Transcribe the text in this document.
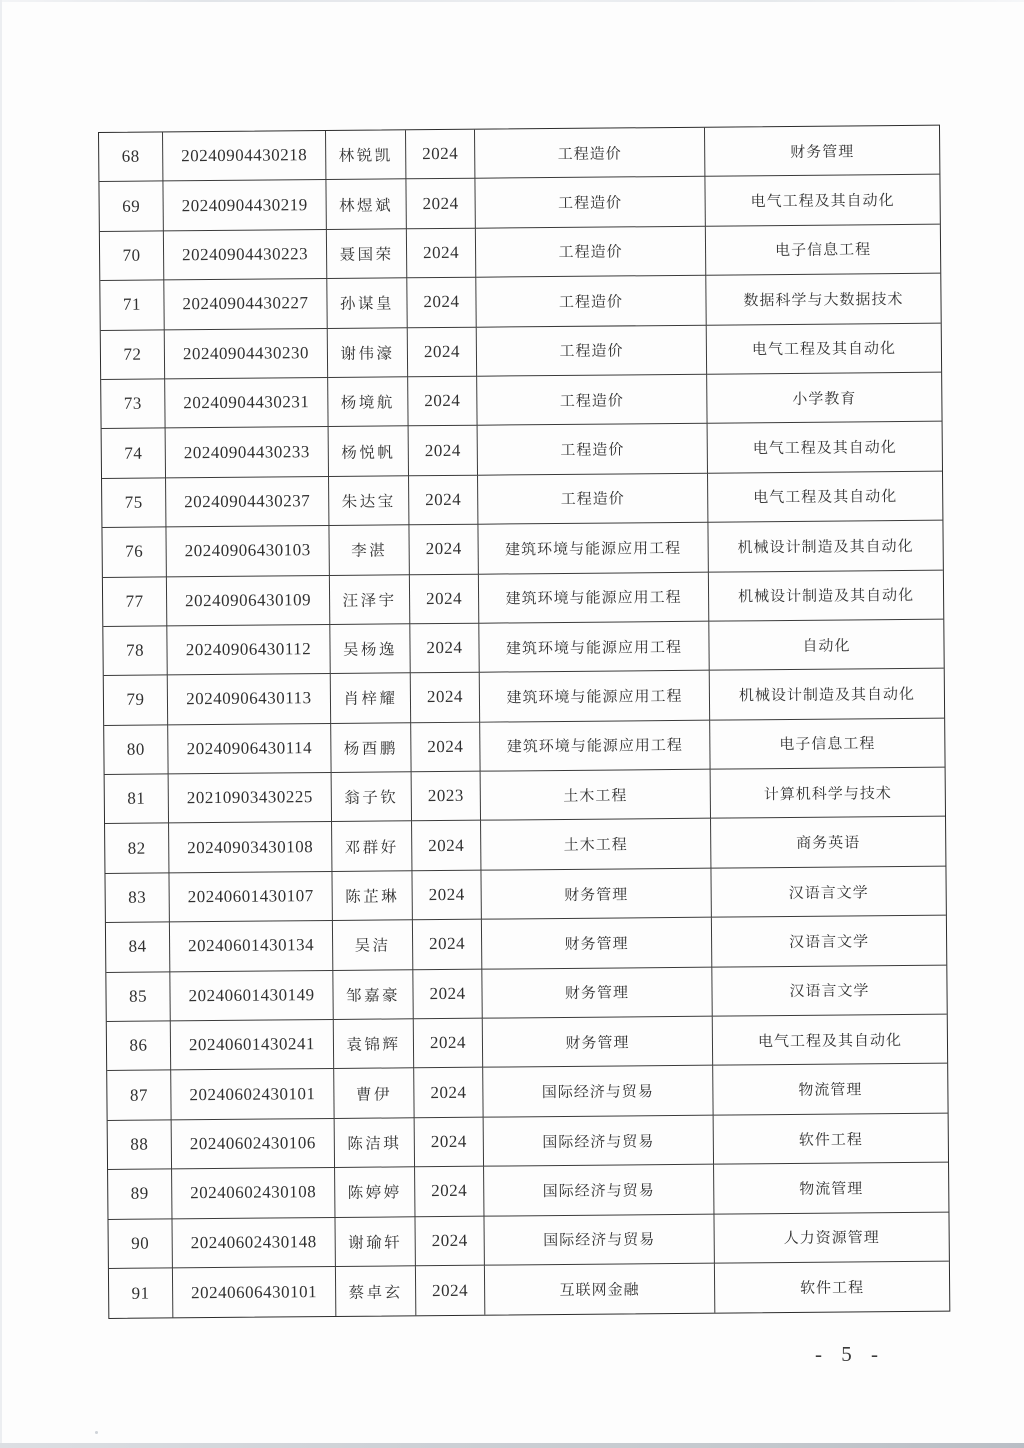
68	20240904430218	林锐凯	2024	工程造价	财务管理
69	20240904430219	林煜斌	2024	工程造价	电气工程及其自动化
70	20240904430223	聂国荣	2024	工程造价	电子信息工程
71	20240904430227	孙谋皇	2024	工程造价	数据科学与大数据技术
72	20240904430230	谢伟濠	2024	工程造价	电气工程及其自动化
73	20240904430231	杨境航	2024	工程造价	小学教育
74	20240904430233	杨悦帆	2024	工程造价	电气工程及其自动化
75	20240904430237	朱达宝	2024	工程造价	电气工程及其自动化
76	20240906430103	李湛	2024	建筑环境与能源应用工程	机械设计制造及其自动化
77	20240906430109	汪泽宇	2024	建筑环境与能源应用工程	机械设计制造及其自动化
78	20240906430112	吴杨逸	2024	建筑环境与能源应用工程	自动化
79	20240906430113	肖梓耀	2024	建筑环境与能源应用工程	机械设计制造及其自动化
80	20240906430114	杨酉鹏	2024	建筑环境与能源应用工程	电子信息工程
81	20210903430225	翁子钦	2023	土木工程	计算机科学与技术
82	20240903430108	邓群好	2024	土木工程	商务英语
83	20240601430107	陈芷琳	2024	财务管理	汉语言文学
84	20240601430134	吴洁	2024	财务管理	汉语言文学
85	20240601430149	邹嘉豪	2024	财务管理	汉语言文学
86	20240601430241	袁锦辉	2024	财务管理	电气工程及其自动化
87	20240602430101	曹伊	2024	国际经济与贸易	物流管理
88	20240602430106	陈洁琪	2024	国际经济与贸易	软件工程
89	20240602430108	陈婷婷	2024	国际经济与贸易	物流管理
90	20240602430148	谢瑜轩	2024	国际经济与贸易	人力资源管理
91	20240606430101	蔡卓玄	2024	互联网金融	软件工程
- 5 -
